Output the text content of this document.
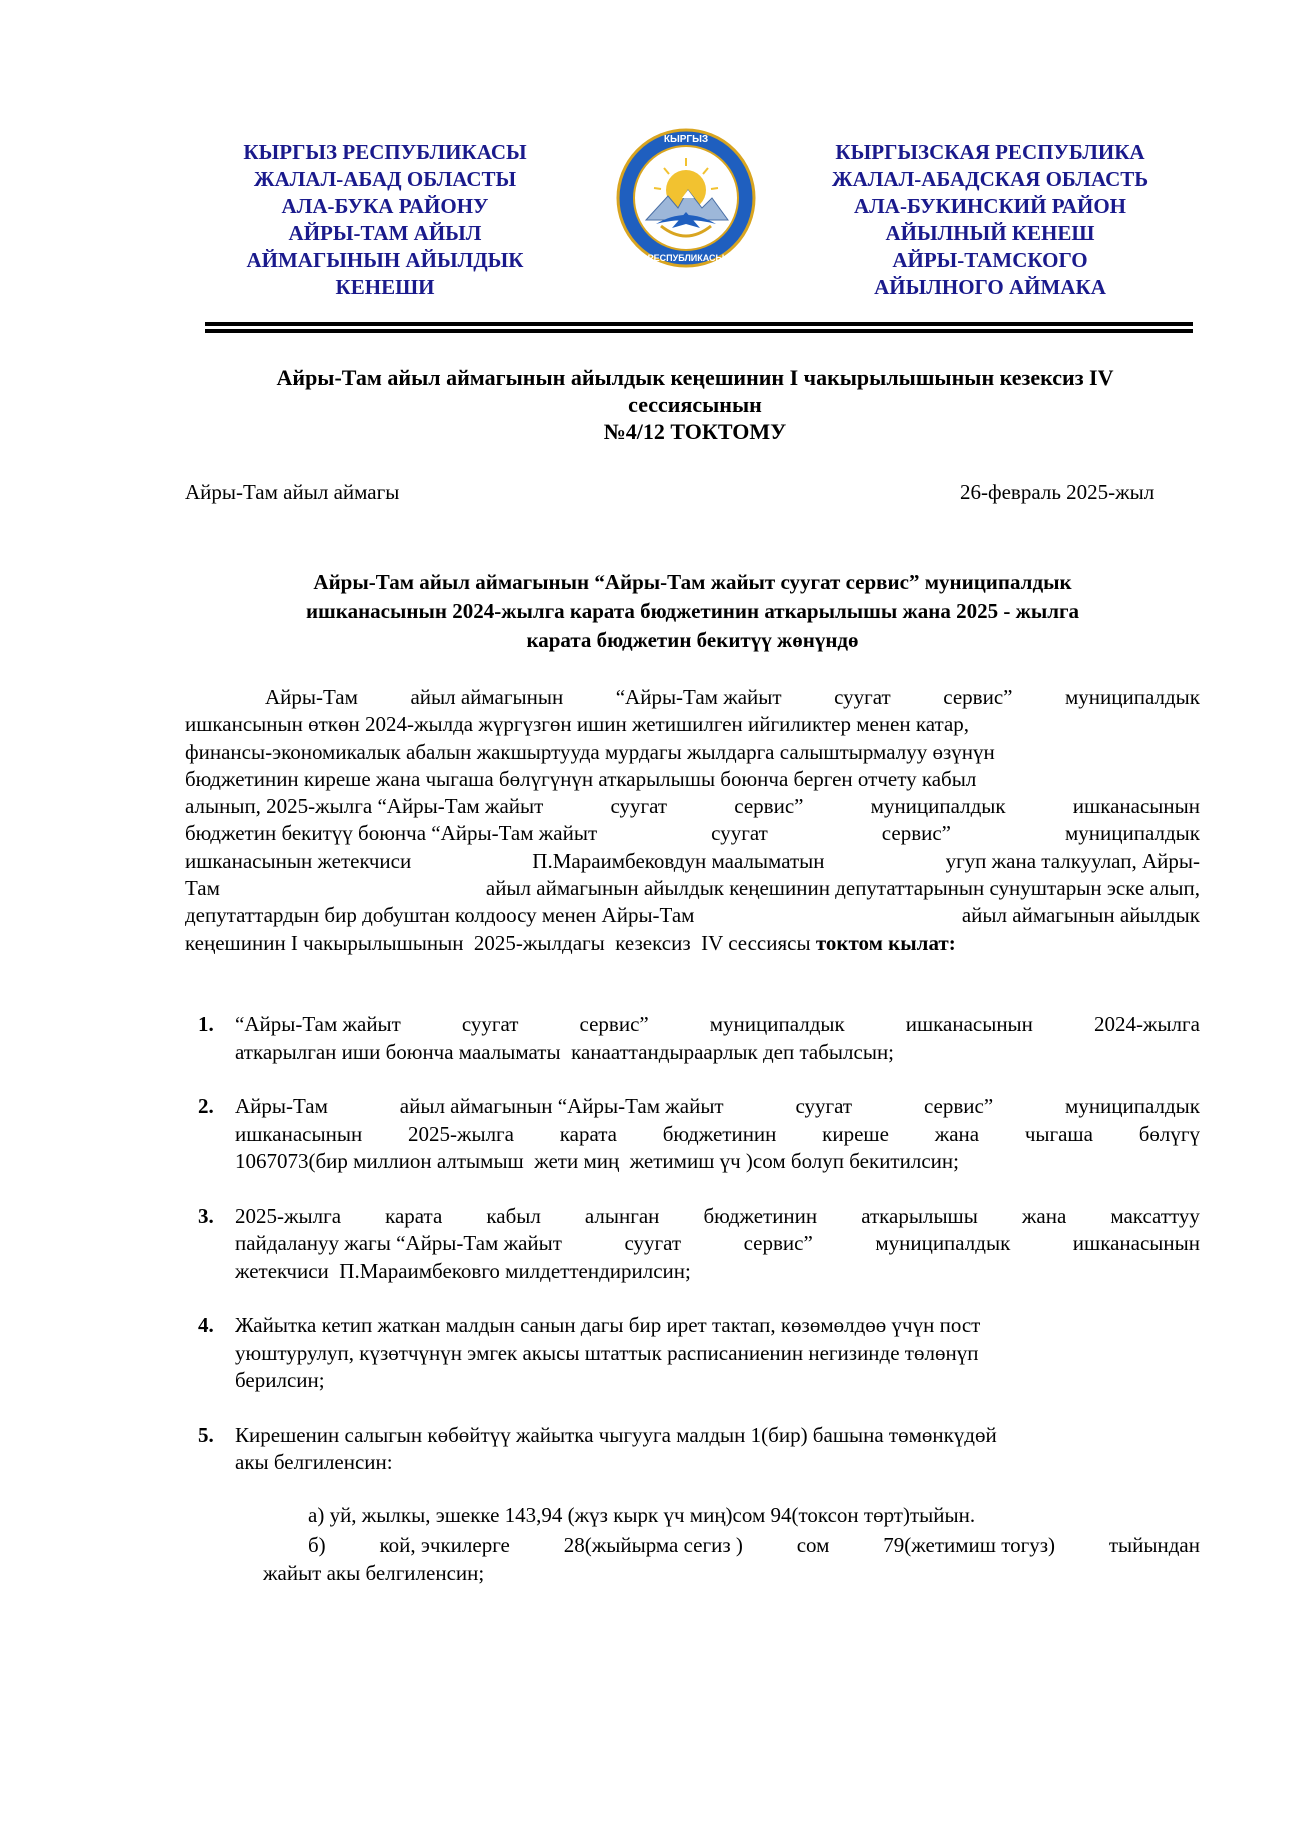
КЫРГЫЗ РЕСПУБЛИКАСЫ
ЖАЛАЛ-АБАД ОБЛАСТЫ
АЛА-БУКА РАЙОНУ
АЙРЫ-ТАМ АЙЫЛ
АЙМАГЫНЫН АЙЫЛДЫК
КЕНЕШИ
КЫРГЫЗ
РЕСПУБЛИКАСЫ
КЫРГЫЗСКАЯ РЕСПУБЛИКА
ЖАЛАЛ-АБАДСКАЯ ОБЛАСТЬ
АЛА-БУКИНСКИЙ РАЙОН
АЙЫЛНЫЙ КЕНЕШ
АЙРЫ-ТАМСКОГО
АЙЫЛНОГО АЙМАКА
Айры-Там айыл аймагынын айылдык кеңешинин I чакырылышынын кезексиз IV
сессиясынын
№4/12 ТОКТОМУ
Айры-Там айыл аймагы	26-февраль 2025-жыл
Айры-Там айыл аймагынын “Айры-Там жайыт суугат сервис” муниципалдык
ишканасынын 2024-жылга карата бюджетинин аткарылышы жана 2025 - жылга
карата бюджетин бекитүү жөнүндө
Айры-Там	айыл аймагынын	“Айры-Там жайыт	суугат	сервис”	муниципалдык
ишкансынын өткөн 2024-жылда жүргүзгөн ишин жетишилген ийгиликтер менен катар,
финансы-экономикалык абалын жакшыртууда мурдагы жылдарга салыштырмалуу өзүнүн
бюджетинин киреше жана чыгаша бөлүгүнүн аткарылышы боюнча берген отчету кабыл
алынып, 2025-жылга “Айры-Там жайыт	суугат	сервис”	муниципалдык	ишканасынын
бюджетин бекитүү боюнча “Айры-Там жайыт	суугат	сервис”	муниципалдык
ишканасынын жетекчиси	П.Мараимбековдун маалыматын	угуп жана талкуулап, Айры-
Там	айыл аймагынын айылдык кеңешинин депутаттарынын сунуштарын эске алып,
депутаттардын бир добуштан колдоосу менен Айры-Там	айыл аймагынын айылдык
кеңешинин I чакырылышынын  2025-жылдагы  кезексиз  IV сессиясы токтом кылат:
1. “Айры-Там жайыт	суугат	сервис”	муниципалдык	ишканасынын	2024-жылга
аткарылган иши боюнча маалыматы  канааттандыраарлык деп табылсын;
2. Айры-Там	айыл аймагынын “Айры-Там жайыт	суугат	сервис”	муниципалдык
ишканасынын 2025-жылга карата бюджетинин киреше жана чыгаша бөлүгү
1067073(бир миллион алтымыш  жети миң  жетимиш үч )сом болуп бекитилсин;
3. 2025-жылга карата кабыл алынган бюджетинин аткарылышы жана максаттуу
пайдалануу жагы “Айры-Там жайыт	суугат	сервис”	муниципалдык	ишканасынын
жетекчиси  П.Мараимбековго милдеттендирилсин;
4. Жайытка кетип жаткан малдын санын дагы бир ирет тактап, көзөмөлдөө үчүн пост
уюштурулуп, күзөтчүнүн эмгек акысы штаттык расписаниенин негизинде төлөнүп
берилсин;
5. Кирешенин салыгын көбөйтүү жайытка чыгууга малдын 1(бир) башына төмөнкүдөй
акы белгиленсин:
а) уй, жылкы, эшекке 143,94 (жүз кырк үч миң)сом 94(токсон төрт)тыйын.
б)	кой, эчкилерге	28(жыйырма сегиз )	сом	79(жетимиш тогуз)	тыйындан
жайыт акы белгиленсин;
